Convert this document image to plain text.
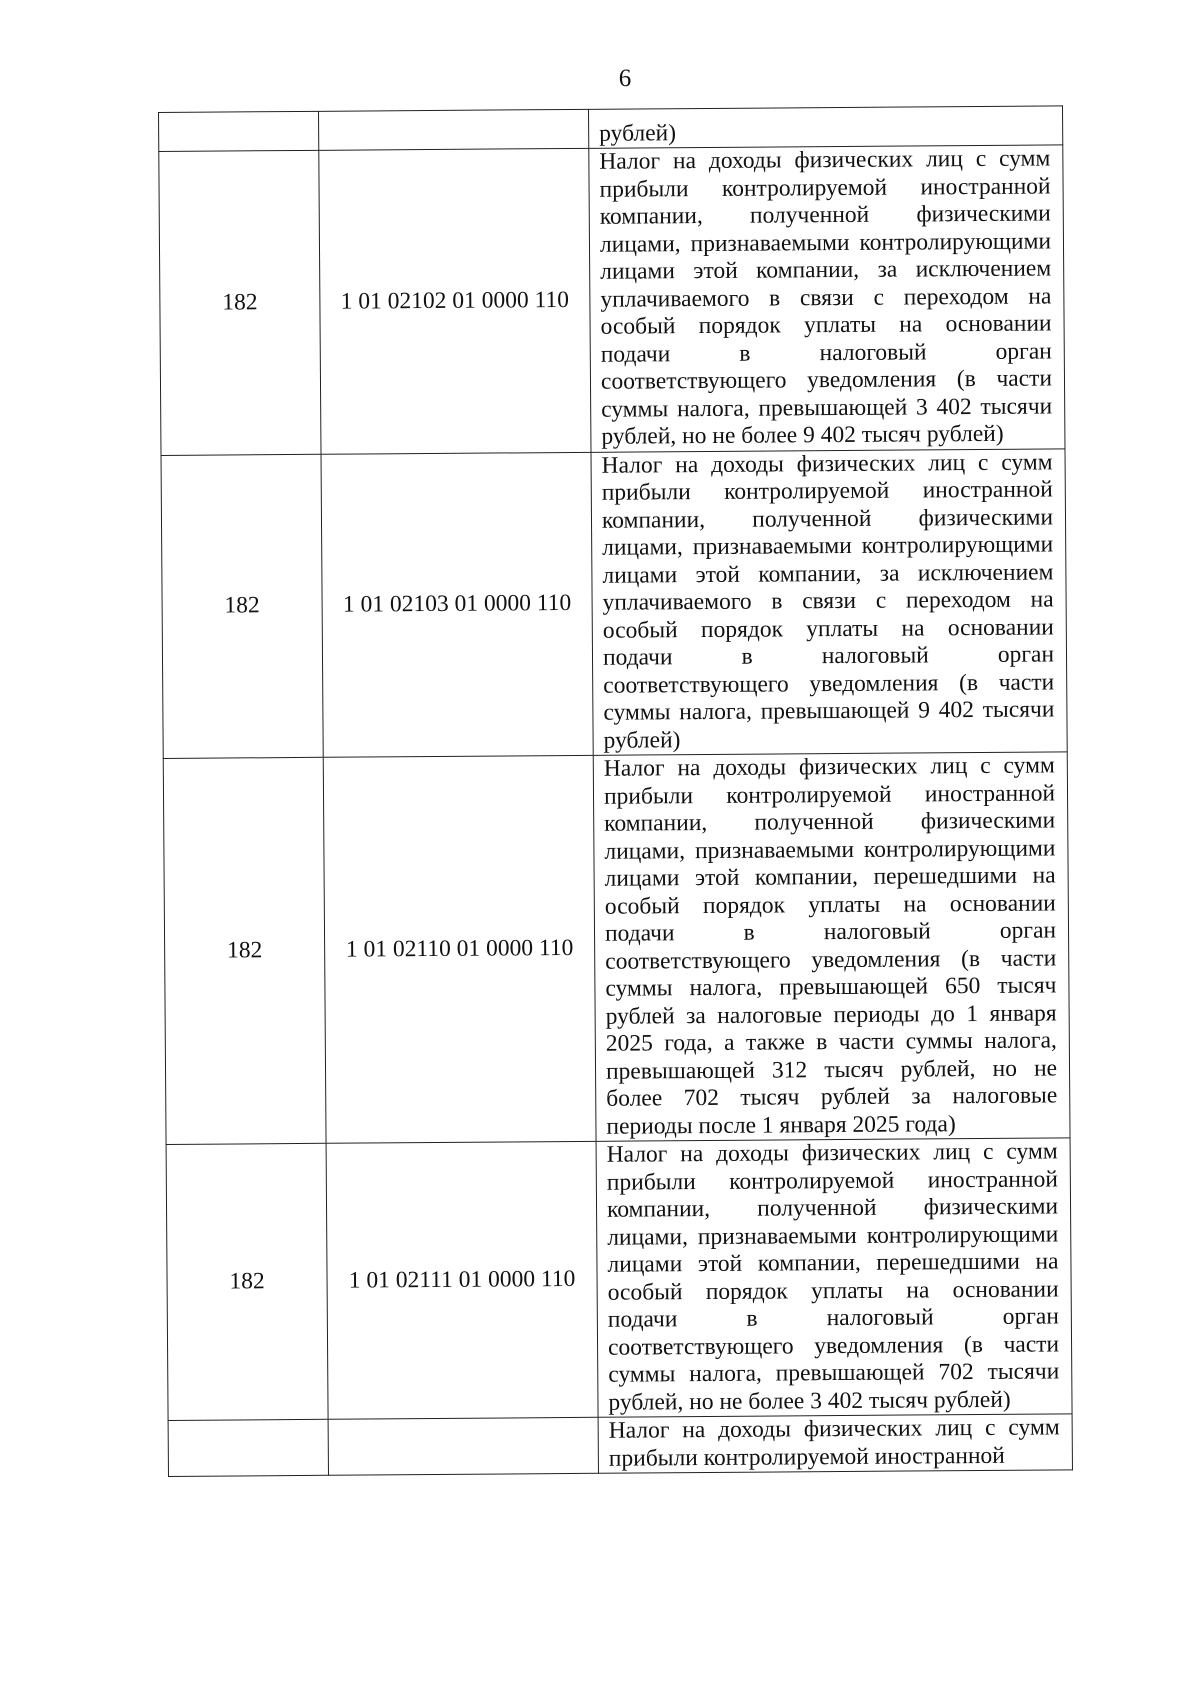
6
		рублей)
182	1 01 02102 01 0000 110	Налог на доходы физических лиц с сумм прибыли контролируемой иностранной компании, полученной физическими лицами, признаваемыми контролирующими лицами этой компании, за исключением уплачиваемого в связи с переходом на особый порядок уплаты на основании подачи в налоговый орган соответствующего уведомления (в части суммы налога, превышающей 3 402 тысячи рублей, но не более 9 402 тысяч рублей)
182	1 01 02103 01 0000 110	Налог на доходы физических лиц с сумм прибыли контролируемой иностранной компании, полученной физическими лицами, признаваемыми контролирующими лицами этой компании, за исключением уплачиваемого в связи с переходом на особый порядок уплаты на основании подачи в налоговый орган соответствующего уведомления (в части суммы налога, превышающей 9 402 тысячи рублей)
182	1 01 02110 01 0000 110	Налог на доходы физических лиц с сумм прибыли контролируемой иностранной компании, полученной физическими лицами, признаваемыми контролирующими лицами этой компании, перешедшими на особый порядок уплаты на основании подачи в налоговый орган соответствующего уведомления (в части суммы налога, превышающей 650 тысяч рублей за налоговые периоды до 1 января 2025 года, а также в части суммы налога, превышающей 312 тысяч рублей, но не более 702 тысяч рублей за налоговые периоды после 1 января 2025 года)
182	1 01 02111 01 0000 110	Налог на доходы физических лиц с сумм прибыли контролируемой иностранной компании, полученной физическими лицами, признаваемыми контролирующими лицами этой компании, перешедшими на особый порядок уплаты на основании подачи в налоговый орган соответствующего уведомления (в части суммы налога, превышающей 702 тысячи рублей, но не более 3 402 тысяч рублей)
		Налог на доходы физических лиц с сумм прибыли контролируемой иностранной
